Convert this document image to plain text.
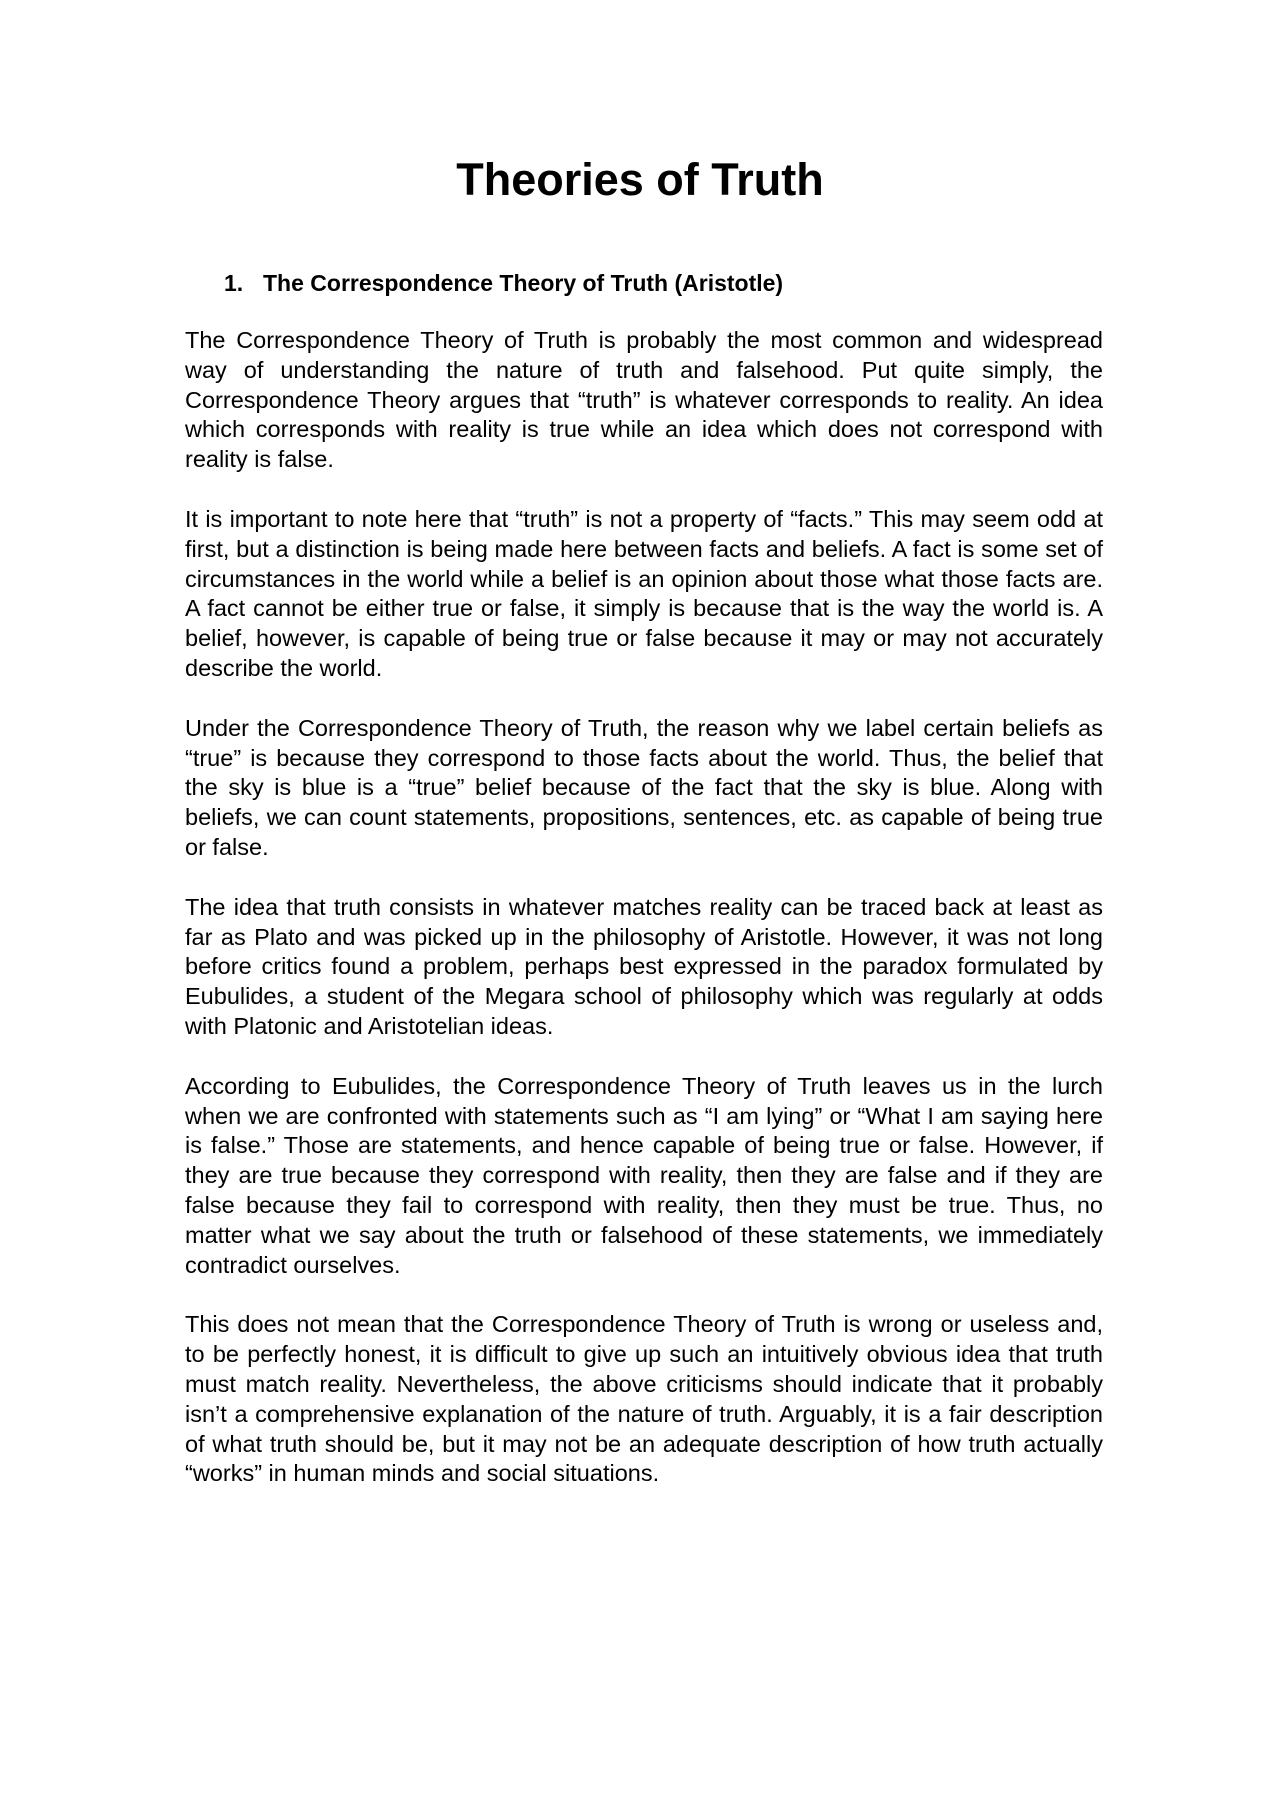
Theories of Truth
1. The Correspondence Theory of Truth (Aristotle)

The Correspondence Theory of Truth is probably the most common and widespread way of understanding the nature of truth and falsehood. Put quite simply, the Correspondence Theory argues that “truth” is whatever corresponds to reality. An idea which corresponds with reality is true while an idea which does not correspond with reality is false.

It is important to note here that “truth” is not a property of “facts.” This may seem odd at first, but a distinction is being made here between facts and beliefs. A fact is some set of circumstances in the world while a belief is an opinion about those what those facts are. A fact cannot be either true or false, it simply is because that is the way the world is. A belief, however, is capable of being true or false because it may or may not accurately describe the world.

Under the Correspondence Theory of Truth, the reason why we label certain beliefs as “true” is because they correspond to those facts about the world. Thus, the belief that the sky is blue is a “true” belief because of the fact that the sky is blue. Along with beliefs, we can count statements, propositions, sentences, etc. as capable of being true or false.

The idea that truth consists in whatever matches reality can be traced back at least as far as Plato and was picked up in the philosophy of Aristotle. However, it was not long before critics found a problem, perhaps best expressed in the paradox formulated by Eubulides, a student of the Megara school of philosophy which was regularly at odds with Platonic and Aristotelian ideas.

According to Eubulides, the Correspondence Theory of Truth leaves us in the lurch when we are confronted with statements such as “I am lying” or “What I am saying here is false.” Those are statements, and hence capable of being true or false. However, if they are true because they correspond with reality, then they are false and if they are false because they fail to correspond with reality, then they must be true. Thus, no matter what we say about the truth or falsehood of these statements, we immediately contradict ourselves.

This does not mean that the Correspondence Theory of Truth is wrong or useless and, to be perfectly honest, it is difficult to give up such an intuitively obvious idea that truth must match reality. Nevertheless, the above criticisms should indicate that it probably isn’t a comprehensive explanation of the nature of truth. Arguably, it is a fair description of what truth should be, but it may not be an adequate description of how truth actually “works” in human minds and social situations.
